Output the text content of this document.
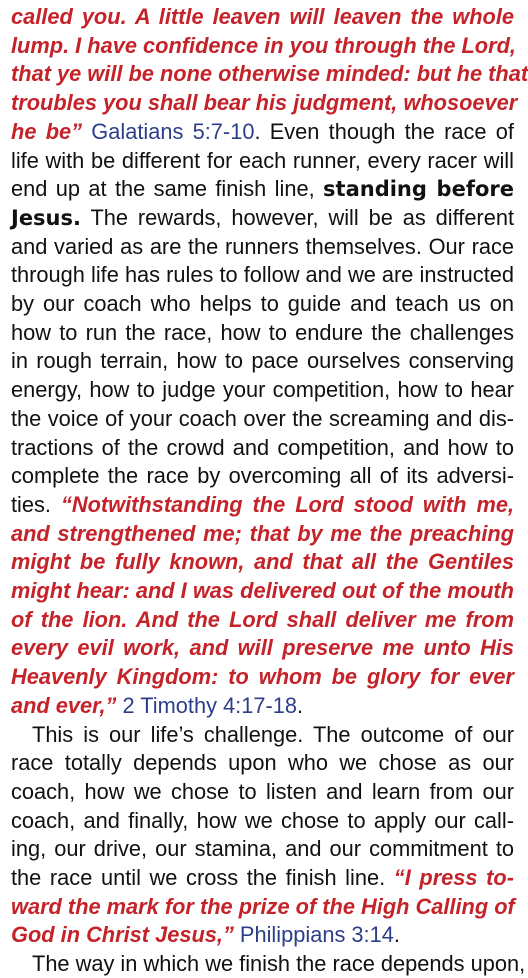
called you. A little leaven will leaven the whole
lump. I have confidence in you through the Lord,
that ye will be none otherwise minded: but he that
troubles you shall bear his judgment, whosoever
he be” Galatians 5:7-10. Even though the race of
life with be different for each runner, every racer will
end up at the same finish line, standing before
Jesus. The rewards, however, will be as different
and varied as are the runners themselves. Our race
through life has rules to follow and we are instructed
by our coach who helps to guide and teach us on
how to run the race, how to endure the challenges
in rough terrain, how to pace ourselves conserving
energy, how to judge your competition, how to hear
the voice of your coach over the screaming and dis-
tractions of the crowd and competition, and how to
complete the race by overcoming all of its adversi-
ties. “Notwithstanding the Lord stood with me,
and strengthened me; that by me the preaching
might be fully known, and that all the Gentiles
might hear: and I was delivered out of the mouth
of the lion. And the Lord shall deliver me from
every evil work, and will preserve me unto His
Heavenly Kingdom: to whom be glory for ever
and ever,” 2 Timothy 4:17-18.
This is our life’s challenge. The outcome of our
race totally depends upon who we chose as our
coach, how we chose to listen and learn from our
coach, and finally, how we chose to apply our call-
ing, our drive, our stamina, and our commitment to
the race until we cross the finish line. “I press to-
ward the mark for the prize of the High Calling of
God in Christ Jesus,” Philippians 3:14.
The way in which we finish the race depends upon,
